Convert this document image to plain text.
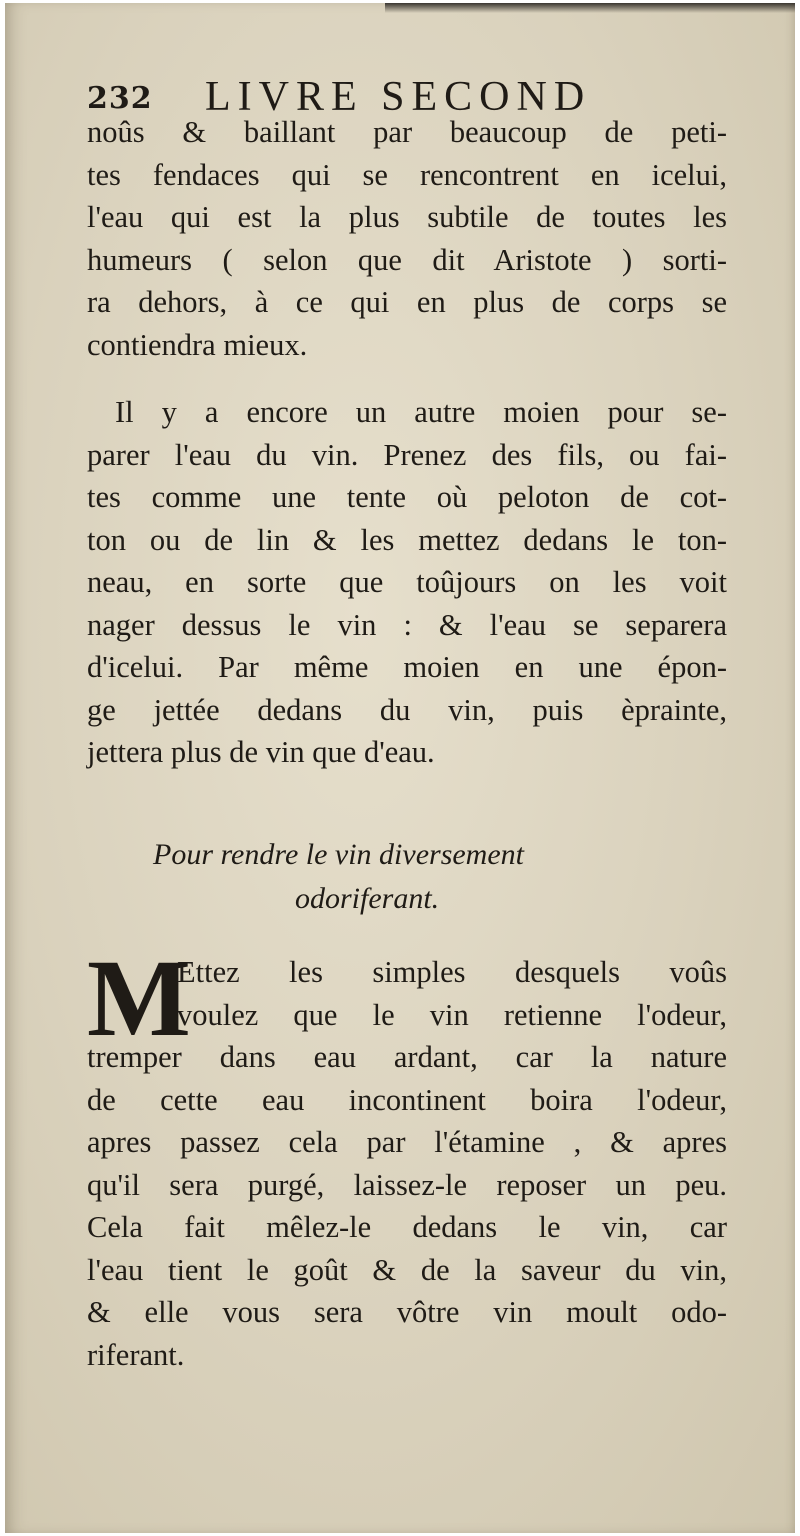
232 LIVRE SECOND
noûs & baillant par beaucoup de peti-
tes fendaces qui se rencontrent en icelui,
l'eau qui est la plus subtile de toutes les
humeurs ( selon que dit Aristote ) sorti-
ra dehors, à ce qui en plus de corps se
contiendra mieux.
Il y a encore un autre moien pour se-
parer l'eau du vin. Prenez des fils, ou fai-
tes comme une tente où peloton de cot-
ton ou de lin & les mettez dedans le ton-
neau, en sorte que toûjours on les voit
nager dessus le vin : & l'eau se separera
d'icelui. Par même moien en une épon-
ge jettée dedans du vin, puis èprainte,
jettera plus de vin que d'eau.
Pour rendre le vin diversement
odoriferant.
M
Ettez les simples desquels voûs
voulez que le vin retienne l'odeur,
tremper dans eau ardant, car la nature
de cette eau incontinent boira l'odeur,
apres passez cela par l'étamine , & apres
qu'il sera purgé, laissez-le reposer un peu.
Cela fait mêlez-le dedans le vin, car
l'eau tient le goût & de la saveur du vin,
& elle vous sera vôtre vin moult odo-
riferant.
